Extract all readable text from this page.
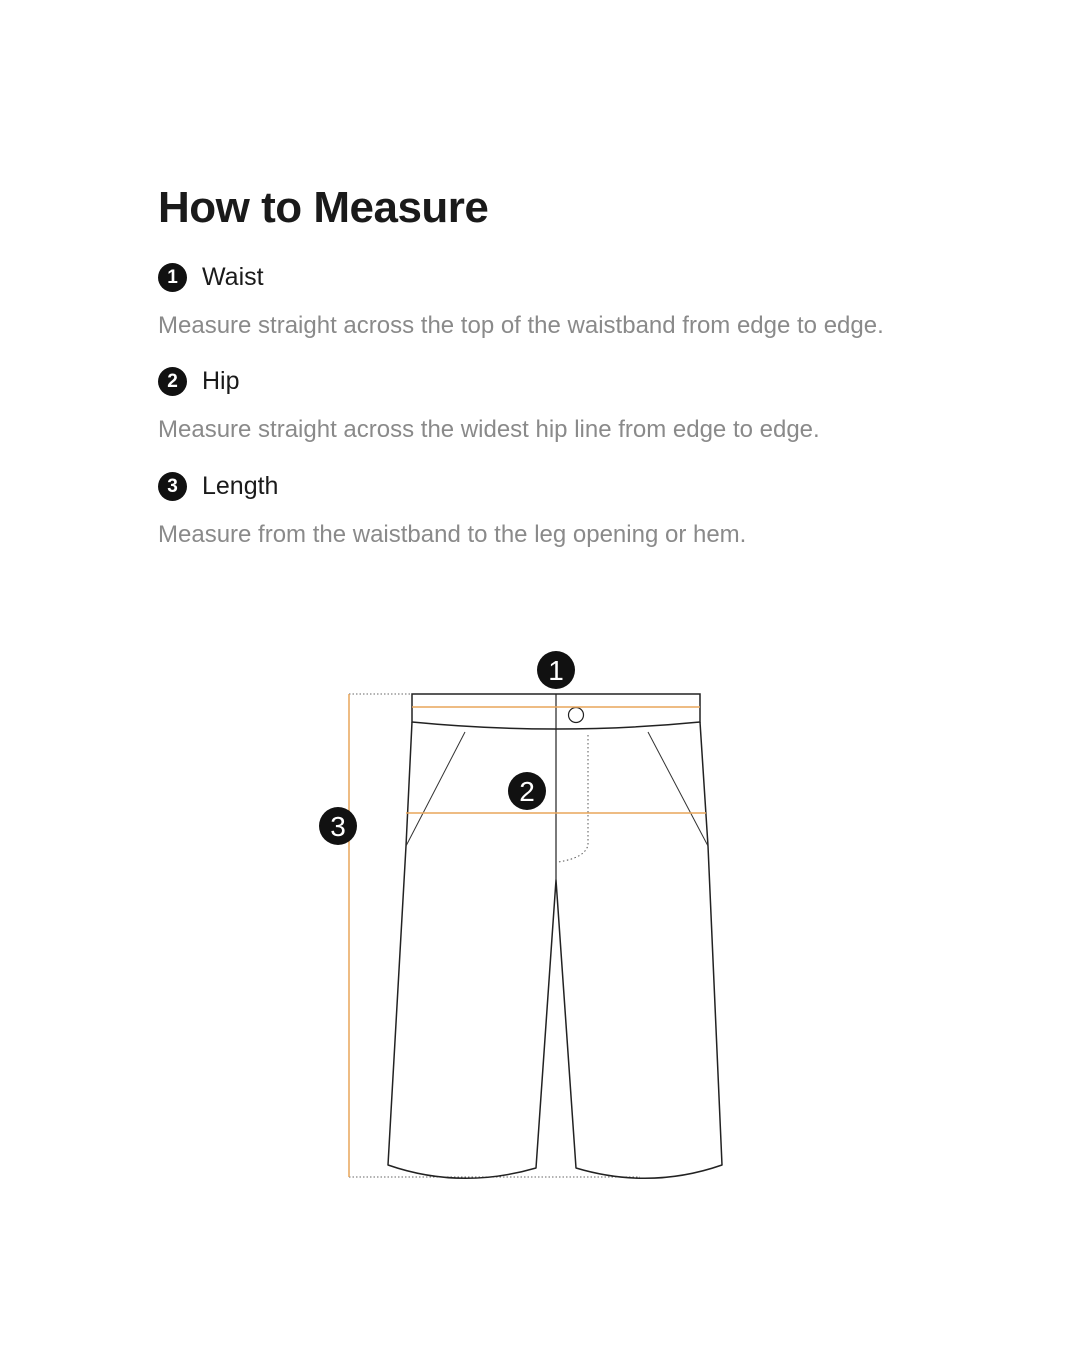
How to Measure
1 Waist
Measure straight across the top of the waistband from edge to edge.
2 Hip
Measure straight across the widest hip line from edge to edge.
3 Length
Measure from the waistband to the leg opening or hem.
1
2
3
